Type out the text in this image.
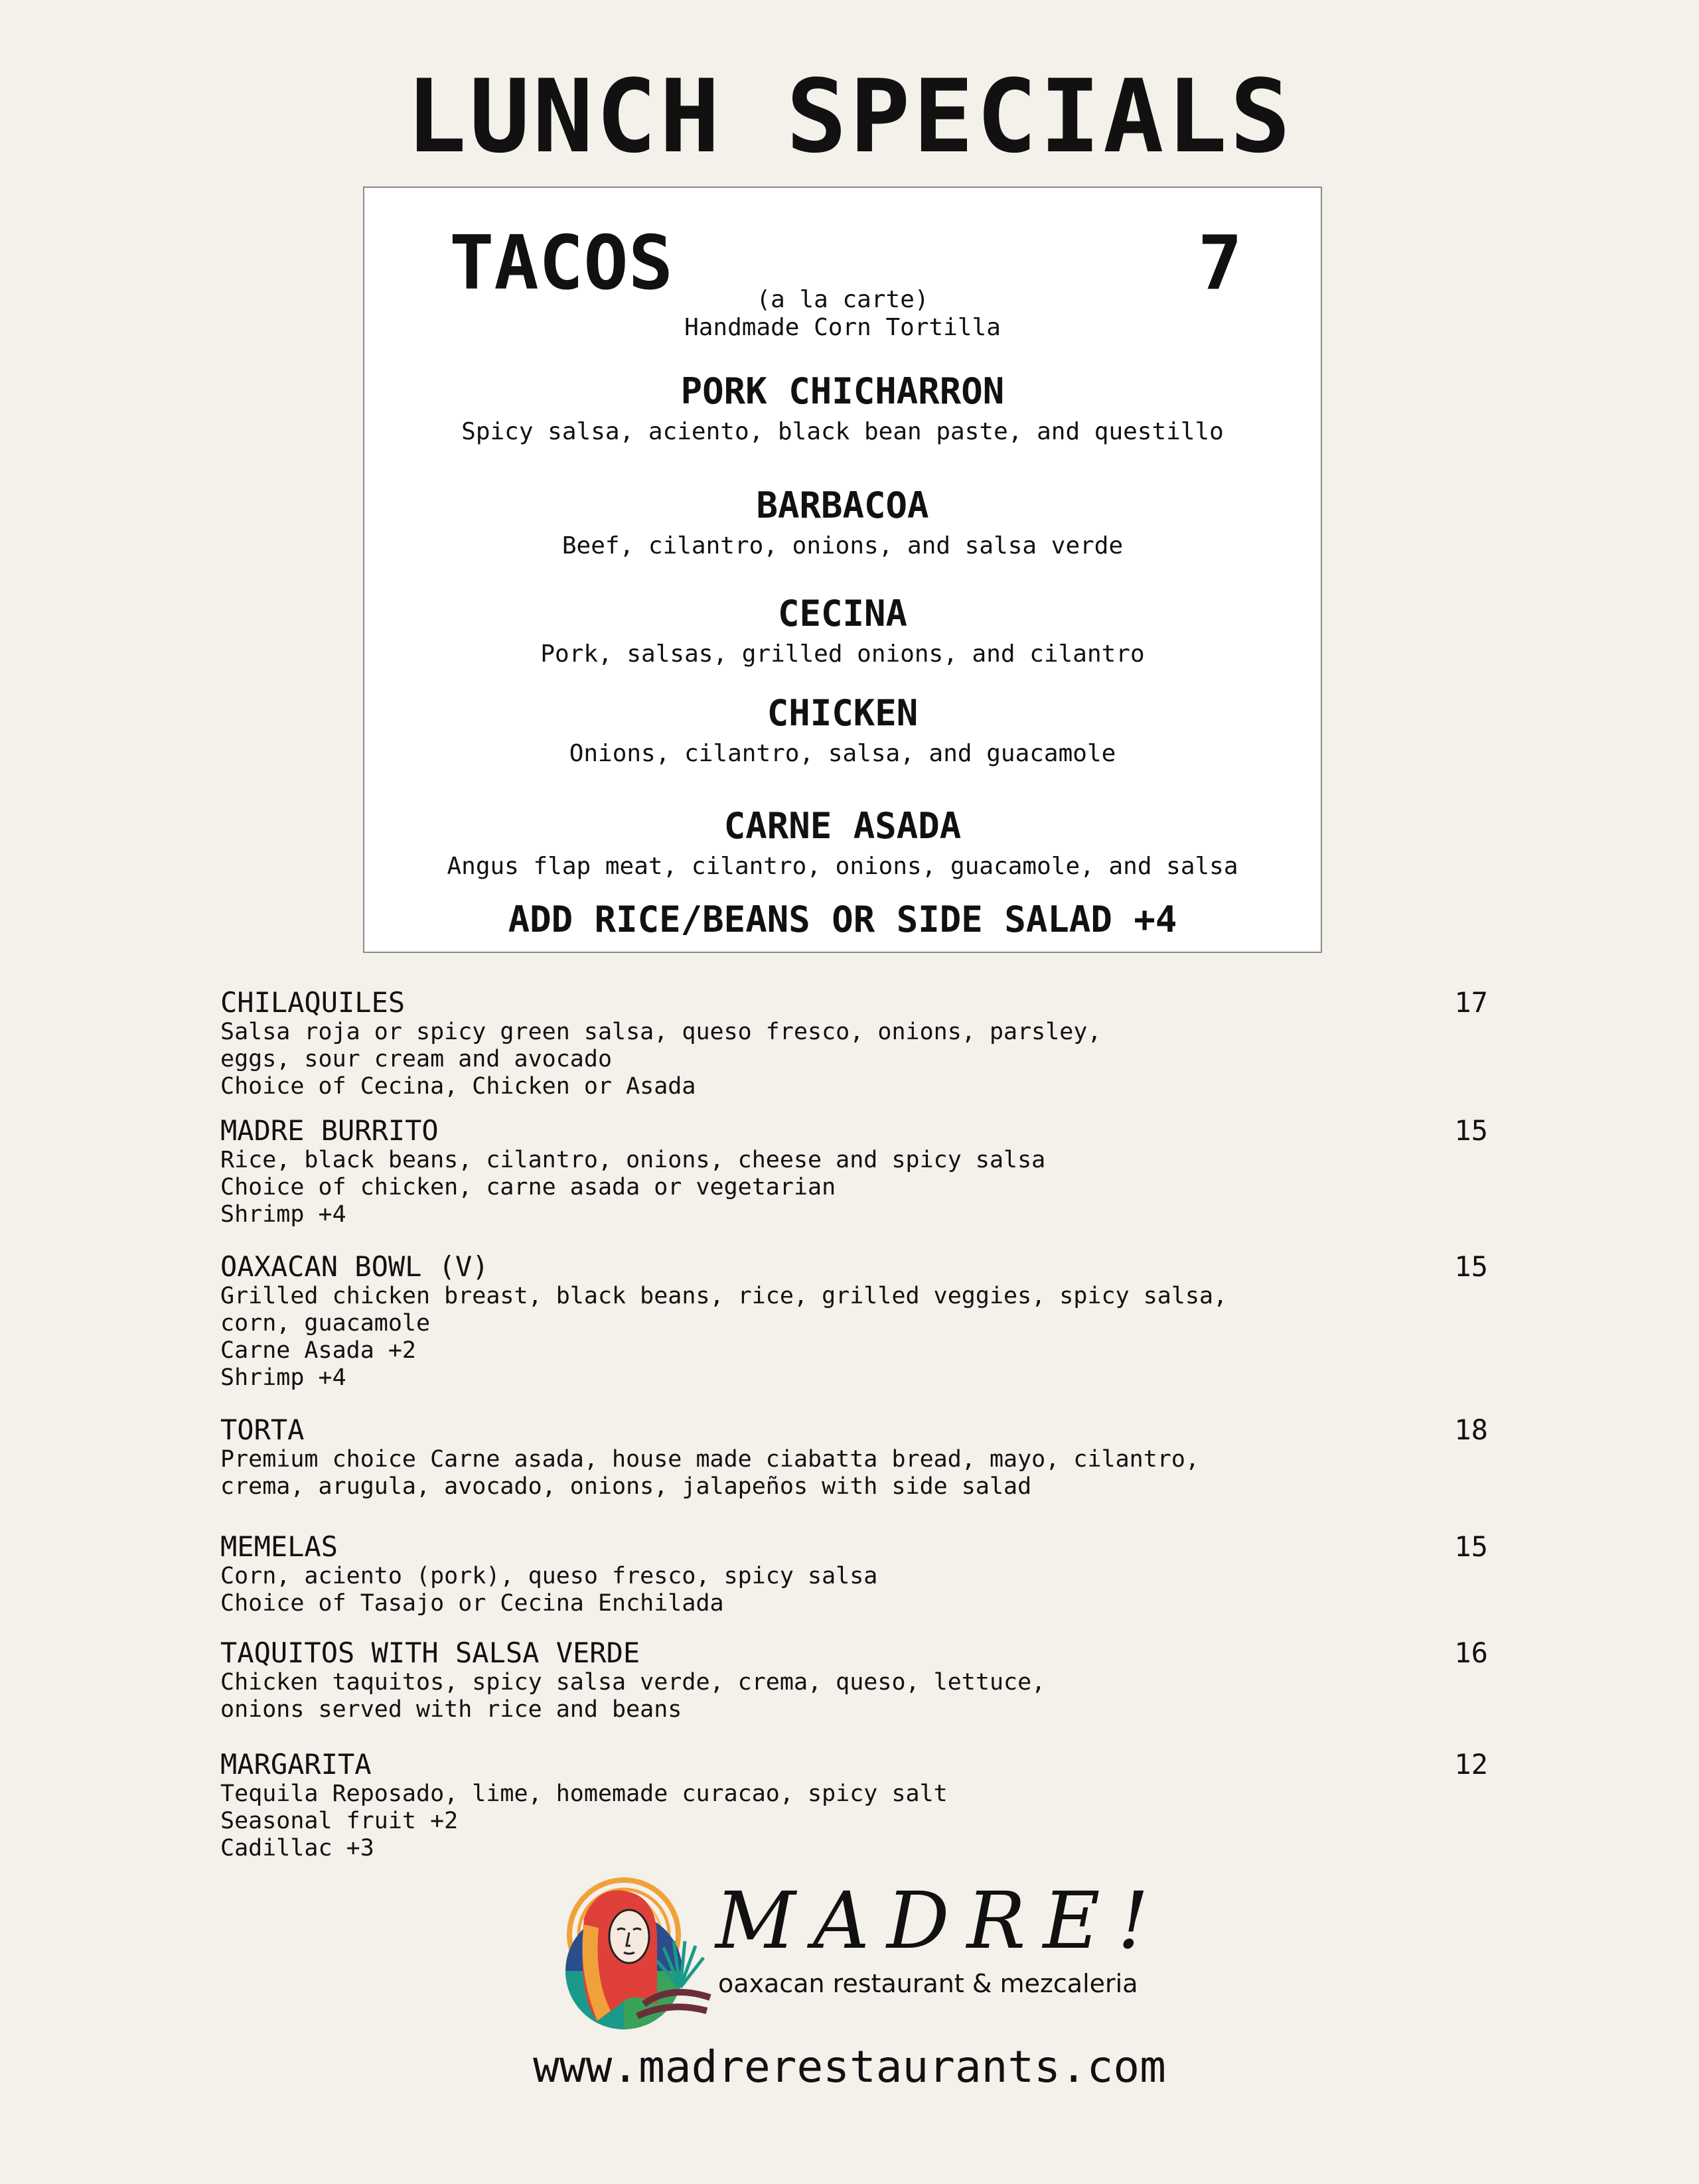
LUNCH SPECIALS
TACOS	7
(a la carte)
Handmade Corn Tortilla
PORK CHICHARRON
Spicy salsa, aciento, black bean paste, and questillo
BARBACOA
Beef, cilantro, onions, and salsa verde
CECINA
Pork, salsas, grilled onions, and cilantro
CHICKEN
Onions, cilantro, salsa, and guacamole
CARNE ASADA
Angus flap meat, cilantro, onions, guacamole, and salsa
ADD RICE/BEANS OR SIDE SALAD +4
CHILAQUILES	17
Salsa roja or spicy green salsa, queso fresco, onions, parsley,
eggs, sour cream and avocado
Choice of Cecina, Chicken or Asada
MADRE BURRITO	15
Rice, black beans, cilantro, onions, cheese and spicy salsa
Choice of chicken, carne asada or vegetarian
Shrimp +4
OAXACAN BOWL (V)	15
Grilled chicken breast, black beans, rice, grilled veggies, spicy salsa,
corn, guacamole
Carne Asada +2
Shrimp +4
TORTA	18
Premium choice Carne asada, house made ciabatta bread, mayo, cilantro,
crema, arugula, avocado, onions, jalapeños with side salad
MEMELAS	15
Corn, aciento (pork), queso fresco, spicy salsa
Choice of Tasajo or Cecina Enchilada
TAQUITOS WITH SALSA VERDE	16
Chicken taquitos, spicy salsa verde, crema, queso, lettuce,
onions served with rice and beans
MARGARITA	12
Tequila Reposado, lime, homemade curacao, spicy salt
Seasonal fruit +2
Cadillac +3
MADRE!
oaxacan restaurant & mezcaleria
www.madrerestaurants.com
